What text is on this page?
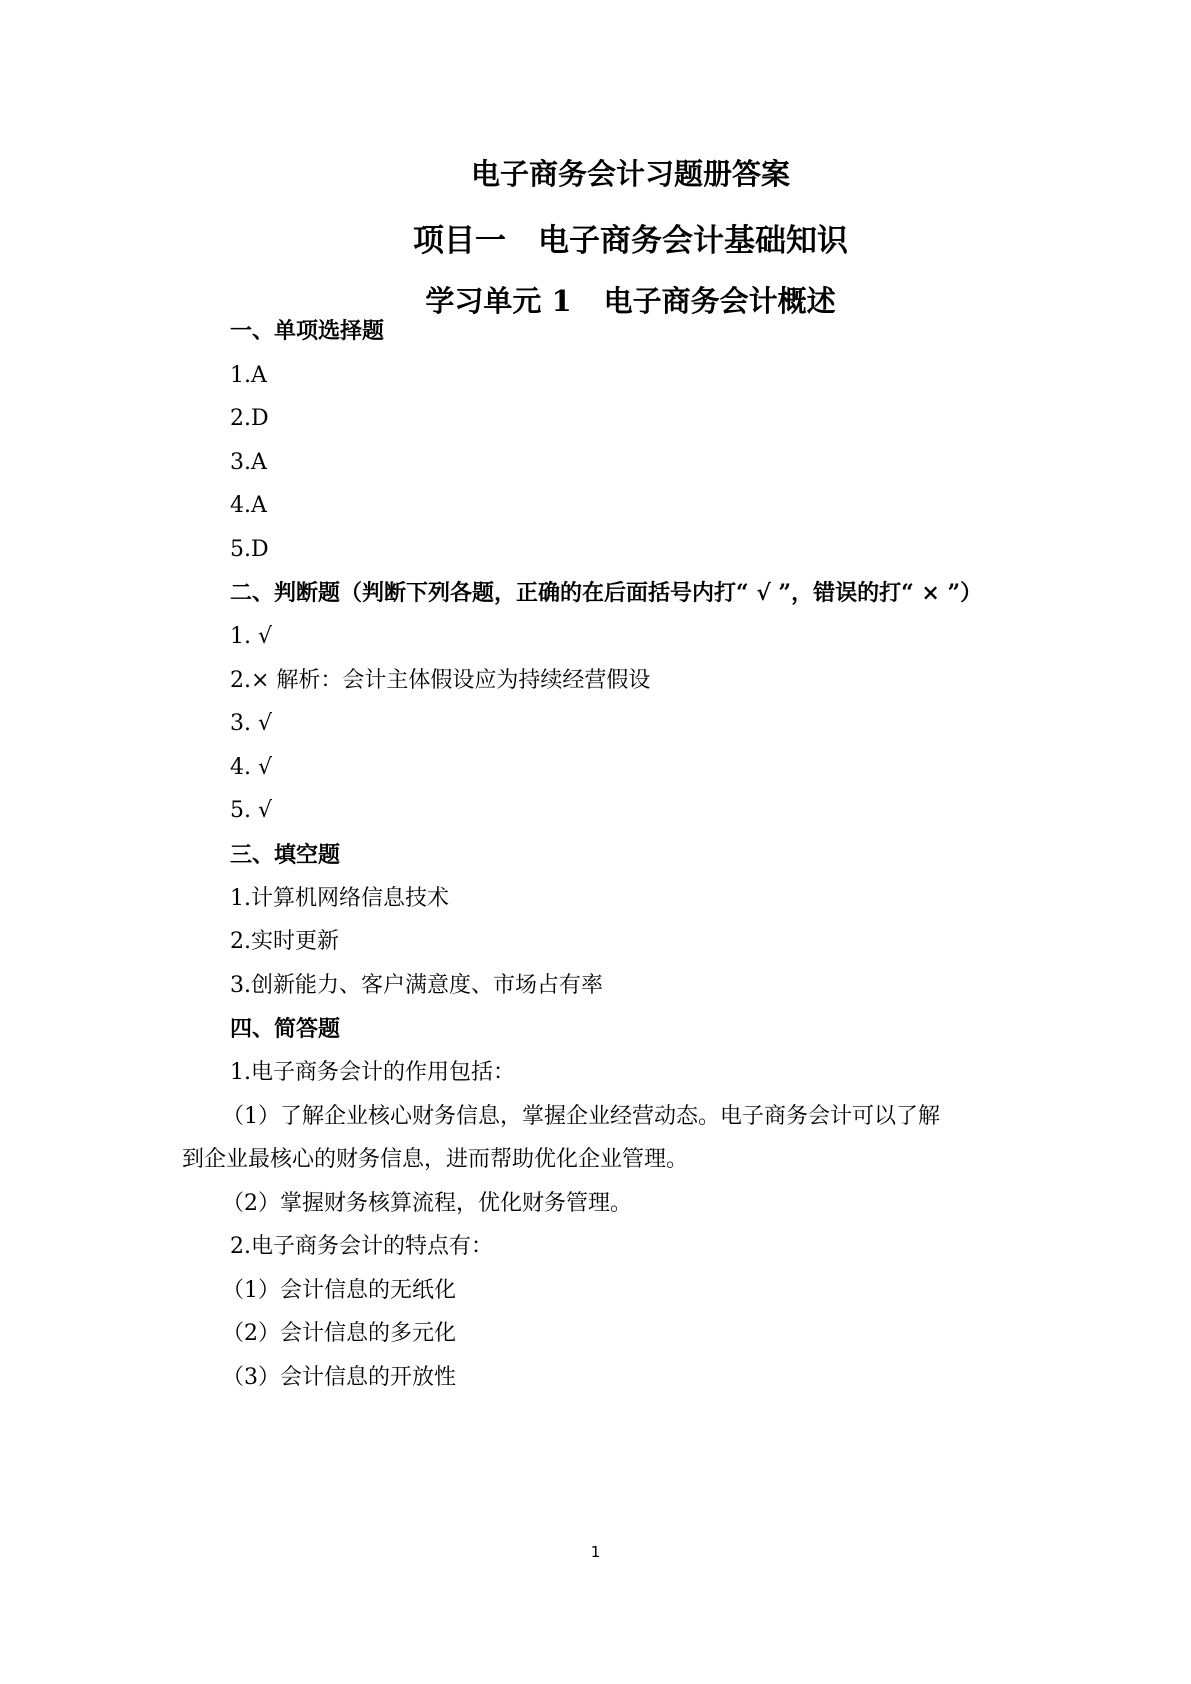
电子商务会计习题册答案
项目一 电子商务会计基础知识
学习单元 1 电子商务会计概述
一、单项选择题
1.A
2.D
3.A
4.A
5.D
二、判断题（判断下列各题，正确的在后面括号内打“ √ ”，错误的打“ × ”）
1. √
2.× 解析：会计主体假设应为持续经营假设
3. √
4. √
5. √
三、填空题
1.计算机网络信息技术
2.实时更新
3.创新能力、客户满意度、市场占有率
四、简答题
1.电子商务会计的作用包括：
（1）了解企业核心财务信息，掌握企业经营动态。电子商务会计可以了解
到企业最核心的财务信息，进而帮助优化企业管理。
（2）掌握财务核算流程，优化财务管理。
2.电子商务会计的特点有：
（1）会计信息的无纸化
（2）会计信息的多元化
（3）会计信息的开放性
1
